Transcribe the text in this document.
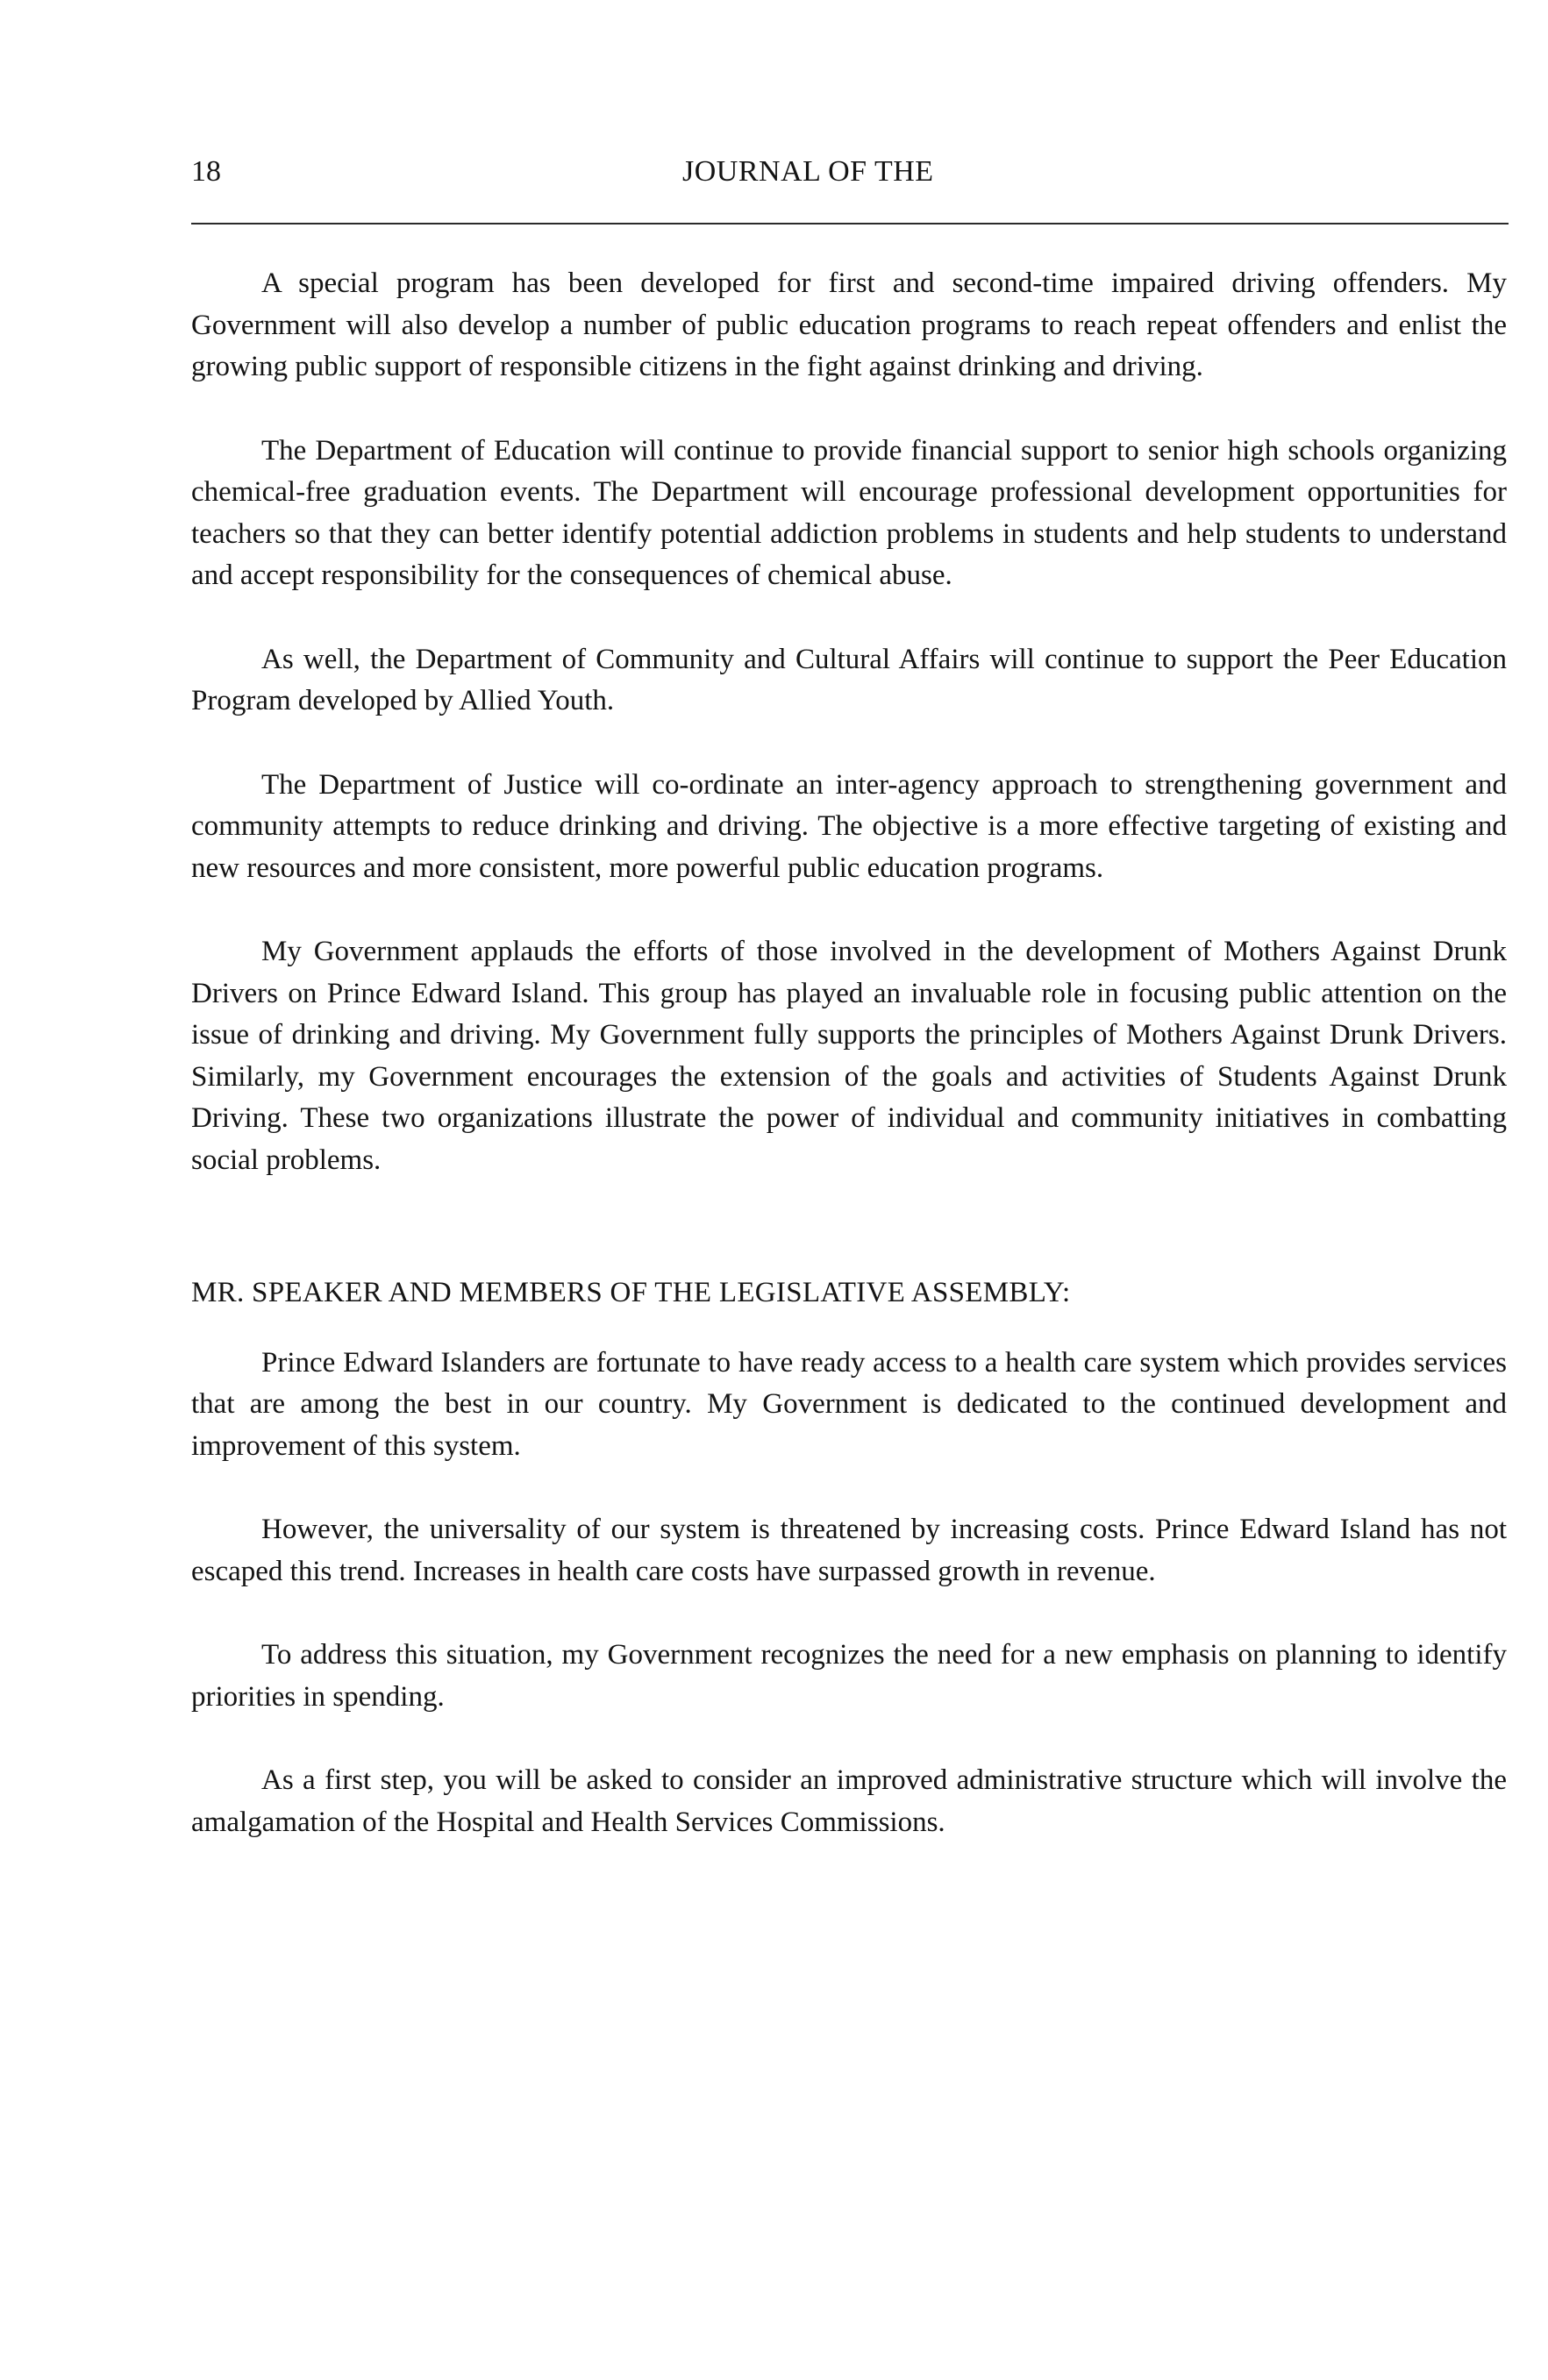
18	JOURNAL OF THE

A special program has been developed for first and second-time impaired driving offenders. My Government will also develop a number of public education programs to reach repeat offenders and enlist the growing public support of responsible citizens in the fight against drinking and driving.

The Department of Education will continue to provide financial support to senior high schools organizing chemical-free graduation events. The Department will encourage professional development opportunities for teachers so that they can better identify potential addiction problems in students and help students to understand and accept responsibility for the consequences of chemical abuse.

As well, the Department of Community and Cultural Affairs will continue to support the Peer Education Program developed by Allied Youth.

The Department of Justice will co-ordinate an inter-agency approach to strengthening government and community attempts to reduce drinking and driving. The objective is a more effective targeting of existing and new resources and more consistent, more powerful public education programs.

My Government applauds the efforts of those involved in the development of Mothers Against Drunk Drivers on Prince Edward Island. This group has played an invaluable role in focusing public attention on the issue of drinking and driving. My Government fully supports the principles of Mothers Against Drunk Drivers. Similarly, my Government encourages the extension of the goals and activities of Students Against Drunk Driving. These two organizations illustrate the power of individual and community initiatives in combatting social problems.

MR. SPEAKER AND MEMBERS OF THE LEGISLATIVE ASSEMBLY:

Prince Edward Islanders are fortunate to have ready access to a health care system which provides services that are among the best in our country. My Government is dedicated to the continued development and improvement of this system.

However, the universality of our system is threatened by increasing costs. Prince Edward Island has not escaped this trend. Increases in health care costs have surpassed growth in revenue.

To address this situation, my Government recognizes the need for a new emphasis on planning to identify priorities in spending.

As a first step, you will be asked to consider an improved administrative structure which will involve the amalgamation of the Hospital and Health Services Commissions.
